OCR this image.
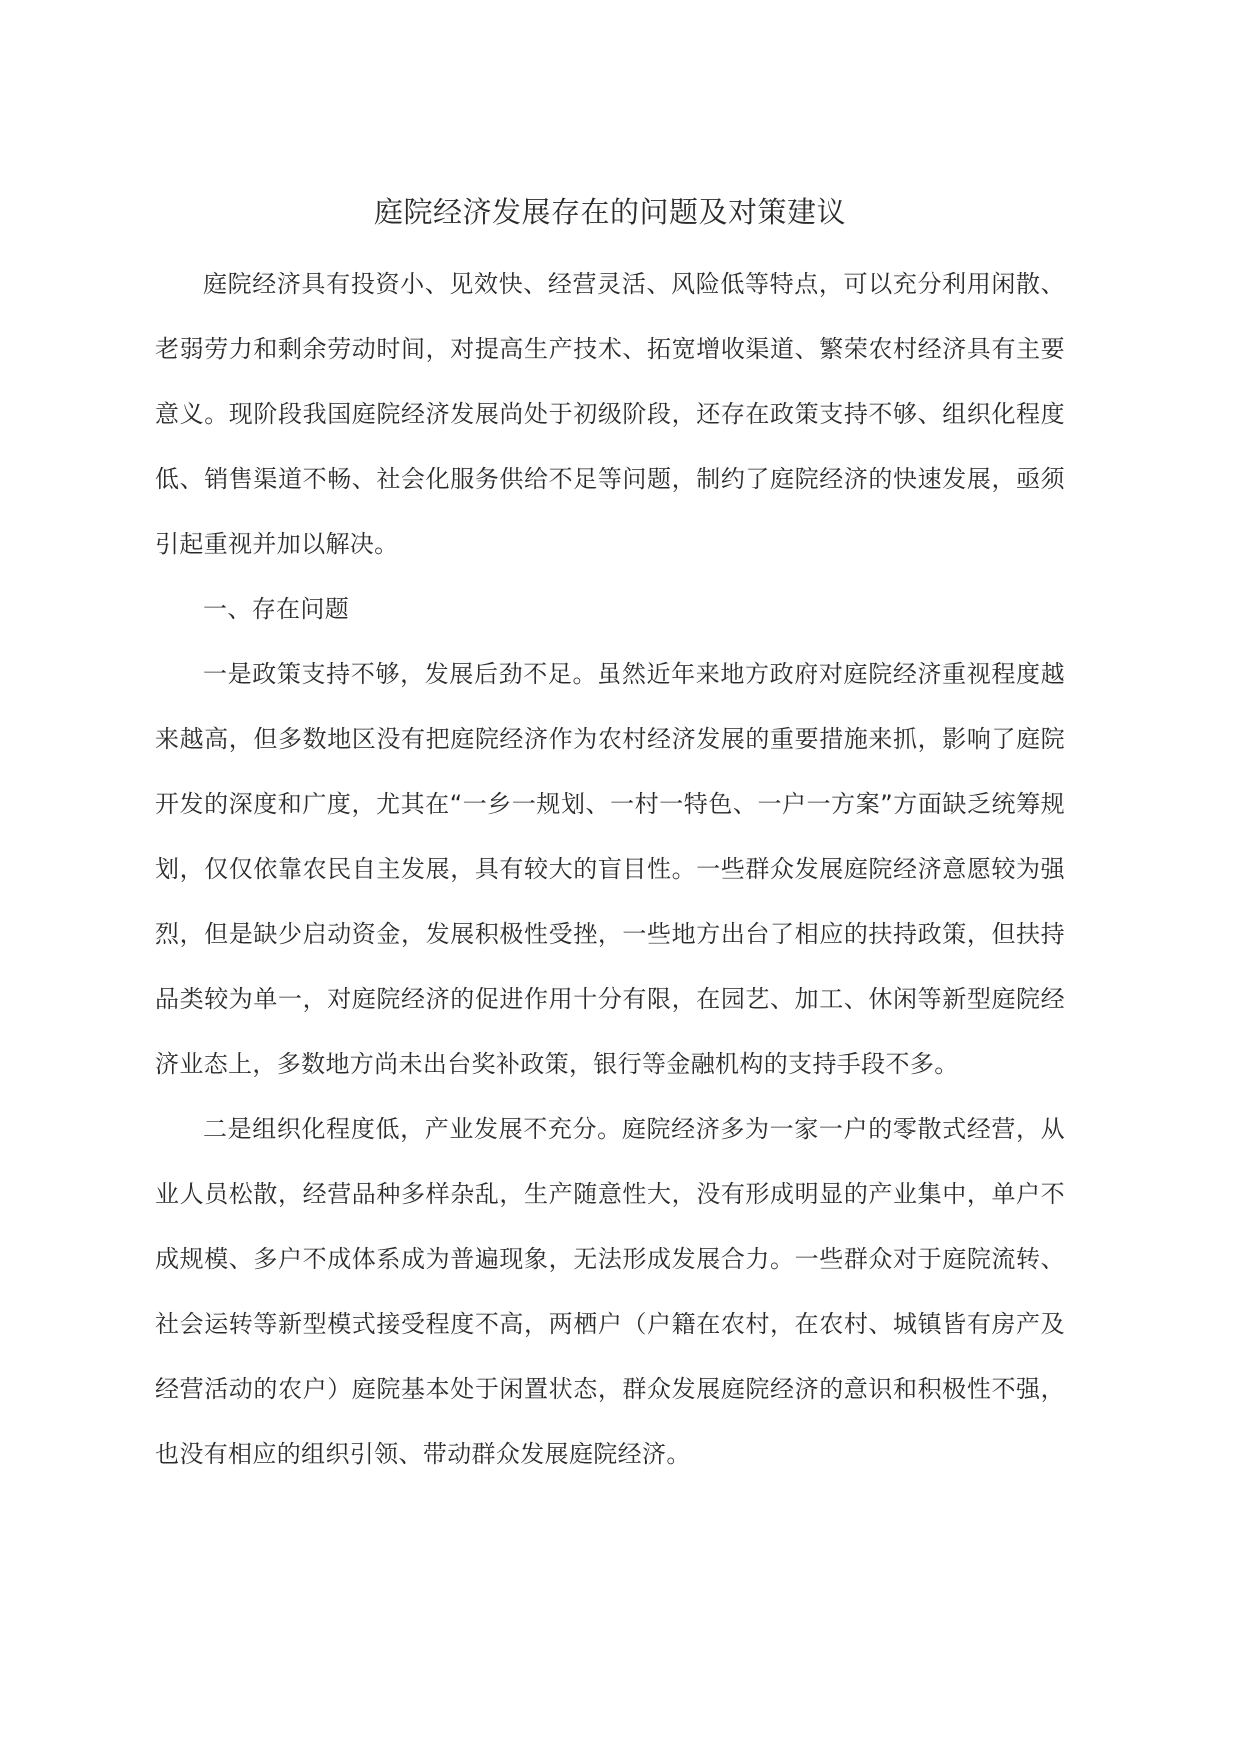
庭院经济发展存在的问题及对策建议

庭院经济具有投资小、见效快、经营灵活、风险低等特点，可以充分利用闲散、老弱劳力和剩余劳动时间，对提高生产技术、拓宽增收渠道、繁荣农村经济具有主要意义。现阶段我国庭院经济发展尚处于初级阶段，还存在政策支持不够、组织化程度低、销售渠道不畅、社会化服务供给不足等问题，制约了庭院经济的快速发展，亟须引起重视并加以解决。

一、存在问题

一是政策支持不够，发展后劲不足。虽然近年来地方政府对庭院经济重视程度越来越高，但多数地区没有把庭院经济作为农村经济发展的重要措施来抓，影响了庭院开发的深度和广度，尤其在“一乡一规划、一村一特色、一户一方案”方面缺乏统筹规划，仅仅依靠农民自主发展，具有较大的盲目性。一些群众发展庭院经济意愿较为强烈，但是缺少启动资金，发展积极性受挫，一些地方出台了相应的扶持政策，但扶持品类较为单一，对庭院经济的促进作用十分有限，在园艺、加工、休闲等新型庭院经济业态上，多数地方尚未出台奖补政策，银行等金融机构的支持手段不多。

二是组织化程度低，产业发展不充分。庭院经济多为一家一户的零散式经营，从业人员松散，经营品种多样杂乱，生产随意性大，没有形成明显的产业集中，单户不成规模、多户不成体系成为普遍现象，无法形成发展合力。一些群众对于庭院流转、社会运转等新型模式接受程度不高，两栖户（户籍在农村，在农村、城镇皆有房产及经营活动的农户）庭院基本处于闲置状态，群众发展庭院经济的意识和积极性不强，也没有相应的组织引领、带动群众发展庭院经济。
